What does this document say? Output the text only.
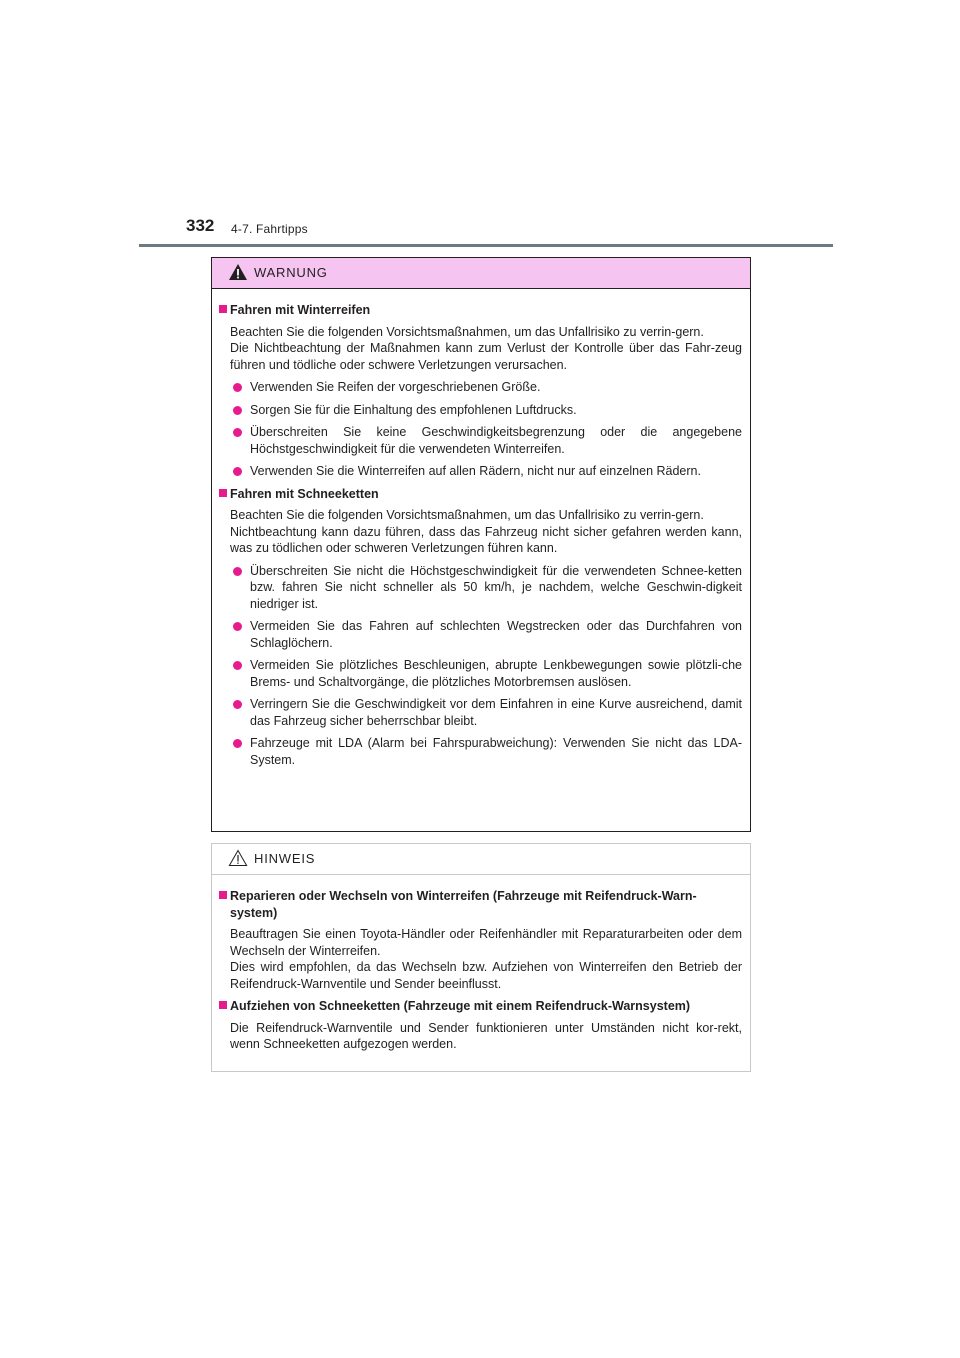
332 4-7. Fahrtipps
WARNUNG
Fahren mit Winterreifen

Beachten Sie die folgenden Vorsichtsmaßnahmen, um das Unfallrisiko zu verrin-gern.

Die Nichtbeachtung der Maßnahmen kann zum Verlust der Kontrolle über das Fahr-zeug führen und tödliche oder schwere Verletzungen verursachen.

Verwenden Sie Reifen der vorgeschriebenen Größe.
Sorgen Sie für die Einhaltung des empfohlenen Luftdrucks.
Überschreiten Sie keine Geschwindigkeitsbegrenzung oder die angegebene Höchstgeschwindigkeit für die verwendeten Winterreifen.
Verwenden Sie die Winterreifen auf allen Rädern, nicht nur auf einzelnen Rädern.
Fahren mit Schneeketten

Beachten Sie die folgenden Vorsichtsmaßnahmen, um das Unfallrisiko zu verrin-gern.

Nichtbeachtung kann dazu führen, dass das Fahrzeug nicht sicher gefahren werden kann, was zu tödlichen oder schweren Verletzungen führen kann.

Überschreiten Sie nicht die Höchstgeschwindigkeit für die verwendeten Schnee-ketten bzw. fahren Sie nicht schneller als 50 km/h, je nachdem, welche Geschwin-digkeit niedriger ist.
Vermeiden Sie das Fahren auf schlechten Wegstrecken oder das Durchfahren von Schlaglöchern.
Vermeiden Sie plötzliches Beschleunigen, abrupte Lenkbewegungen sowie plötzli-che Brems- und Schaltvorgänge, die plötzliches Motorbremsen auslösen.
Verringern Sie die Geschwindigkeit vor dem Einfahren in eine Kurve ausreichend, damit das Fahrzeug sicher beherrschbar bleibt.
Fahrzeuge mit LDA (Alarm bei Fahrspurabweichung): Verwenden Sie nicht das LDA-System.
HINWEIS
Reparieren oder Wechseln von Winterreifen (Fahrzeuge mit Reifendruck-Warn-system)

Beauftragen Sie einen Toyota-Händler oder Reifenhändler mit Reparaturarbeiten oder dem Wechseln der Winterreifen.

Dies wird empfohlen, da das Wechseln bzw. Aufziehen von Winterreifen den Betrieb der Reifendruck-Warnventile und Sender beeinflusst.

Aufziehen von Schneeketten (Fahrzeuge mit einem Reifendruck-Warnsystem)

Die Reifendruck-Warnventile und Sender funktionieren unter Umständen nicht kor-rekt, wenn Schneeketten aufgezogen werden.
